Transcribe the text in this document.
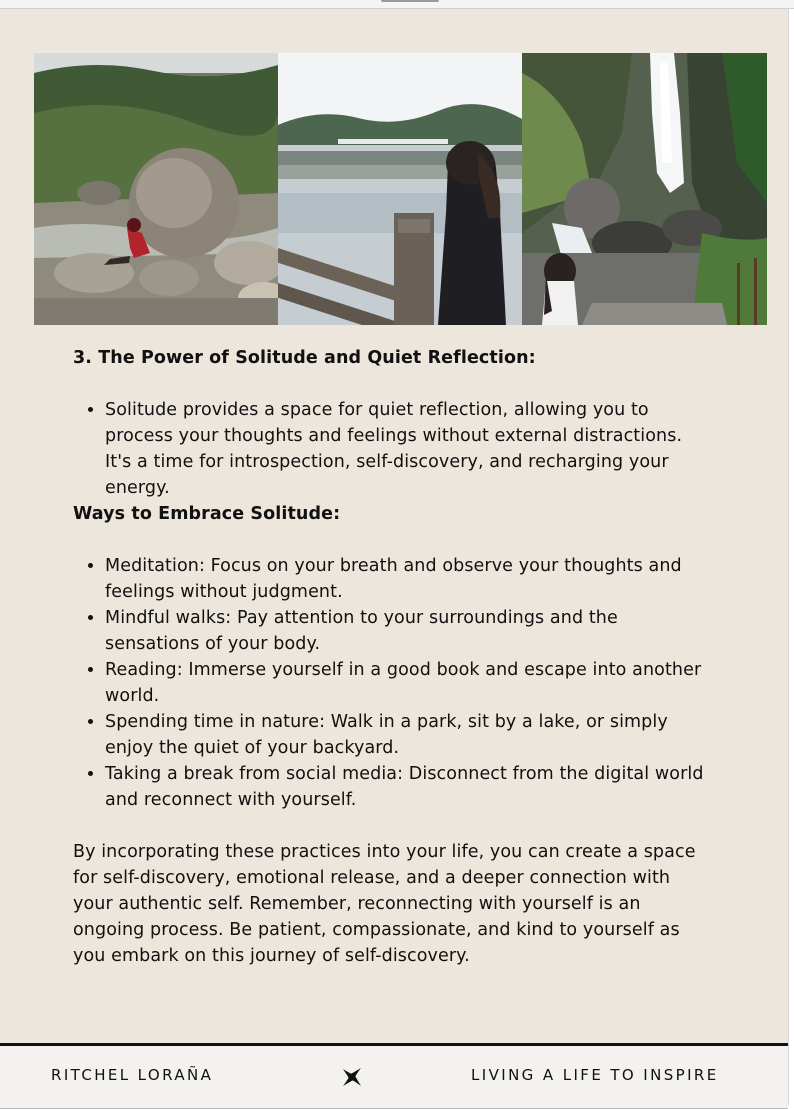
3. The Power of Solitude and Quiet Reflection:

• Solitude provides a space for quiet reflection, allowing you to process your thoughts and feelings without external distractions. It's a time for introspection, self-discovery, and recharging your energy.

Ways to Embrace Solitude:

• Meditation: Focus on your breath and observe your thoughts and feelings without judgment.
• Mindful walks: Pay attention to your surroundings and the sensations of your body.
• Reading: Immerse yourself in a good book and escape into another world.
• Spending time in nature: Walk in a park, sit by a lake, or simply enjoy the quiet of your backyard.
• Taking a break from social media: Disconnect from the digital world and reconnect with yourself.

By incorporating these practices into your life, you can create a space for self-discovery, emotional release, and a deeper connection with your authentic self. Remember, reconnecting with yourself is an ongoing process. Be patient, compassionate, and kind to yourself as you embark on this journey of self-discovery.

RITCHEL LORAÑA	LIVING A LIFE TO INSPIRE
